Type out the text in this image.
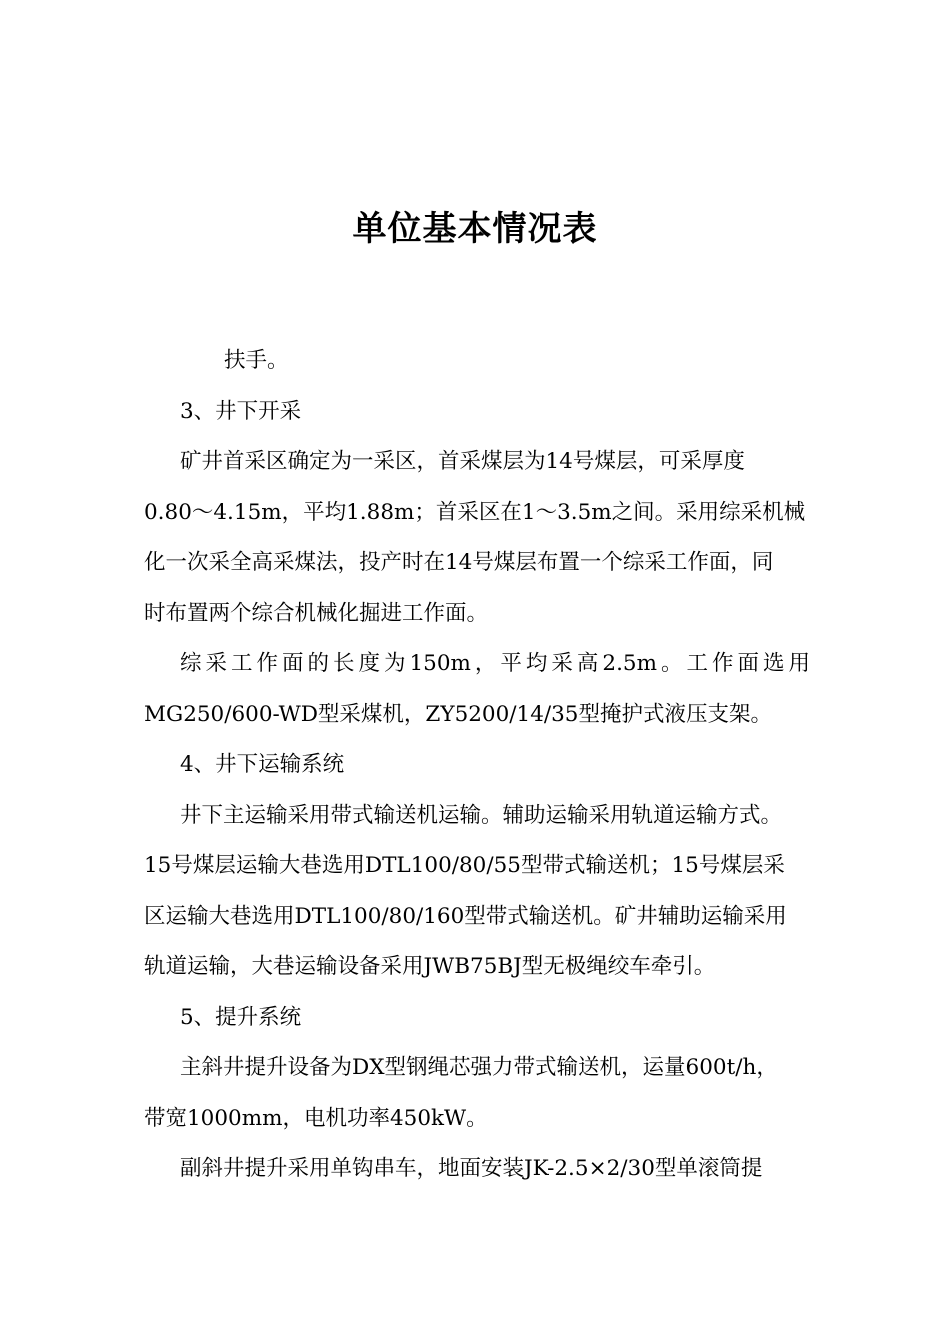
单位基本情况表

扶手。

3、井下开采

矿井首采区确定为一采区，首采煤层为14号煤层，可采厚度
0.80～4.15m，平均1.88m；首采区在1～3.5m之间。采用综采机械
化一次采全高采煤法，投产时在14号煤层布置一个综采工作面，同
时布置两个综合机械化掘进工作面。

综采工作面的长度为150m，平均采高2.5m。工作面选用
MG250/600-WD型采煤机，ZY5200/14/35型掩护式液压支架。

4、井下运输系统

井下主运输采用带式输送机运输。辅助运输采用轨道运输方式。
15号煤层运输大巷选用DTL100/80/55型带式输送机；15号煤层采
区运输大巷选用DTL100/80/160型带式输送机。矿井辅助运输采用
轨道运输，大巷运输设备采用JWB75BJ型无极绳绞车牵引。

5、提升系统

主斜井提升设备为DX型钢绳芯强力带式输送机，运量600t/h，
带宽1000mm，电机功率450kW。

副斜井提升采用单钩串车，地面安装JK-2.5×2/30型单滚筒提
